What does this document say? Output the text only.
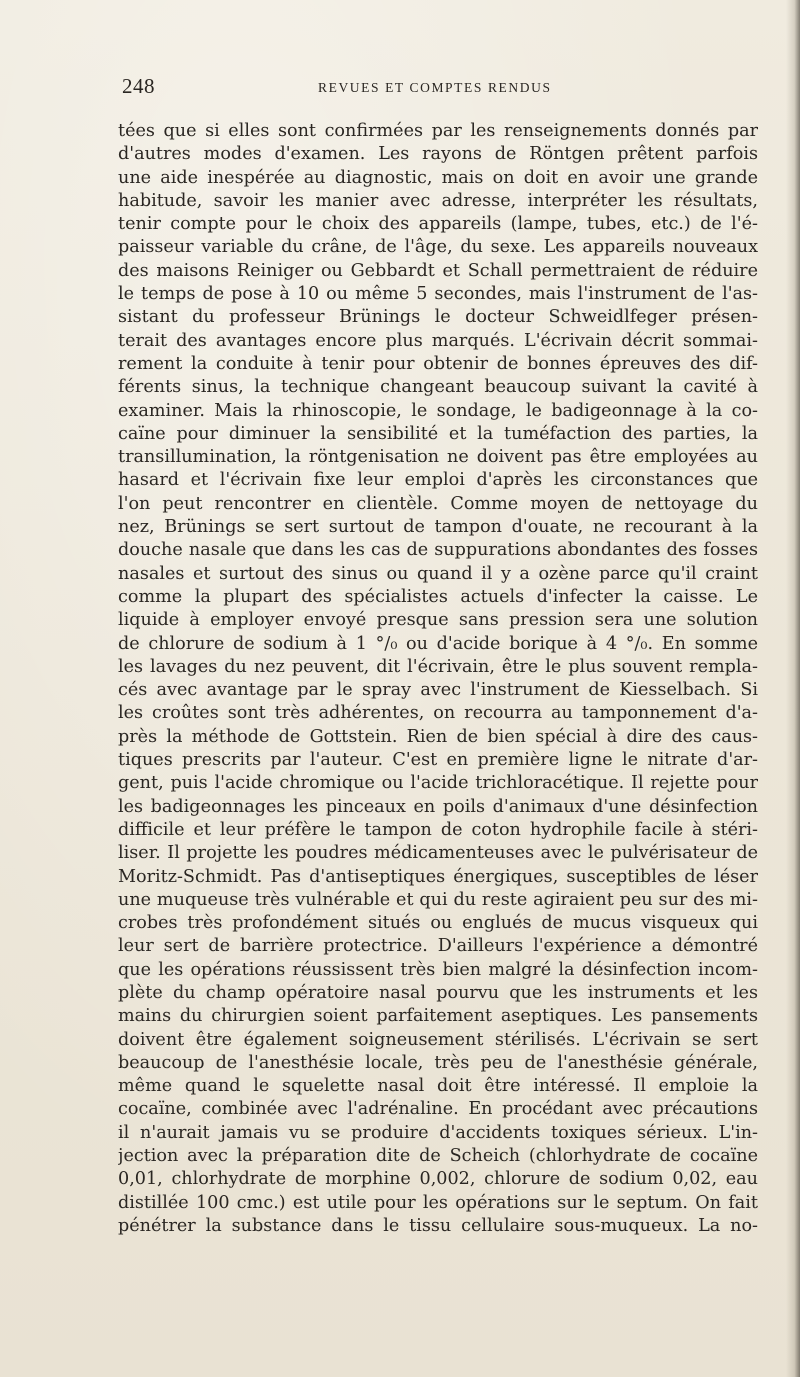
248	REVUES ET COMPTES RENDUS
tées que si elles sont confirmées par les renseignements donnés par
d'autres modes d'examen. Les rayons de Röntgen prêtent parfois
une aide inespérée au diagnostic, mais on doit en avoir une grande
habitude, savoir les manier avec adresse, interpréter les résultats,
tenir compte pour le choix des appareils (lampe, tubes, etc.) de l'é-
paisseur variable du crâne, de l'âge, du sexe. Les appareils nouveaux
des maisons Reiniger ou Gebbardt et Schall permettraient de réduire
le temps de pose à 10 ou même 5 secondes, mais l'instrument de l'as-
sistant du professeur Brünings le docteur Schweidlfeger présen-
terait des avantages encore plus marqués. L'écrivain décrit sommai-
rement la conduite à tenir pour obtenir de bonnes épreuves des dif-
férents sinus, la technique changeant beaucoup suivant la cavité à
examiner. Mais la rhinoscopie, le sondage, le badigeonnage à la co-
caïne pour diminuer la sensibilité et la tuméfaction des parties, la
transillumination, la röntgenisation ne doivent pas être employées au
hasard et l'écrivain fixe leur emploi d'après les circonstances que
l'on peut rencontrer en clientèle. Comme moyen de nettoyage du
nez, Brünings se sert surtout de tampon d'ouate, ne recourant à la
douche nasale que dans les cas de suppurations abondantes des fosses
nasales et surtout des sinus ou quand il y a ozène parce qu'il craint
comme la plupart des spécialistes actuels d'infecter la caisse. Le
liquide à employer envoyé presque sans pression sera une solution
de chlorure de sodium à 1 °/₀ ou d'acide borique à 4 °/₀. En somme
les lavages du nez peuvent, dit l'écrivain, être le plus souvent rempla-
cés avec avantage par le spray avec l'instrument de Kiesselbach. Si
les croûtes sont très adhérentes, on recourra au tamponnement d'a-
près la méthode de Gottstein. Rien de bien spécial à dire des caus-
tiques prescrits par l'auteur. C'est en première ligne le nitrate d'ar-
gent, puis l'acide chromique ou l'acide trichloracétique. Il rejette pour
les badigeonnages les pinceaux en poils d'animaux d'une désinfection
difficile et leur préfère le tampon de coton hydrophile facile à stéri-
liser. Il projette les poudres médicamenteuses avec le pulvérisateur de
Moritz-Schmidt. Pas d'antiseptiques énergiques, susceptibles de léser
une muqueuse très vulnérable et qui du reste agiraient peu sur des mi-
crobes très profondément situés ou englués de mucus visqueux qui
leur sert de barrière protectrice. D'ailleurs l'expérience a démontré
que les opérations réussissent très bien malgré la désinfection incom-
plète du champ opératoire nasal pourvu que les instruments et les
mains du chirurgien soient parfaitement aseptiques. Les pansements
doivent être également soigneusement stérilisés. L'écrivain se sert
beaucoup de l'anesthésie locale, très peu de l'anesthésie générale,
même quand le squelette nasal doit être intéressé. Il emploie la
cocaïne, combinée avec l'adrénaline. En procédant avec précautions
il n'aurait jamais vu se produire d'accidents toxiques sérieux. L'in-
jection avec la préparation dite de Scheich (chlorhydrate de cocaïne
0,01, chlorhydrate de morphine 0,002, chlorure de sodium 0,02, eau
distillée 100 cmc.) est utile pour les opérations sur le septum. On fait
pénétrer la substance dans le tissu cellulaire sous-muqueux. La no-
